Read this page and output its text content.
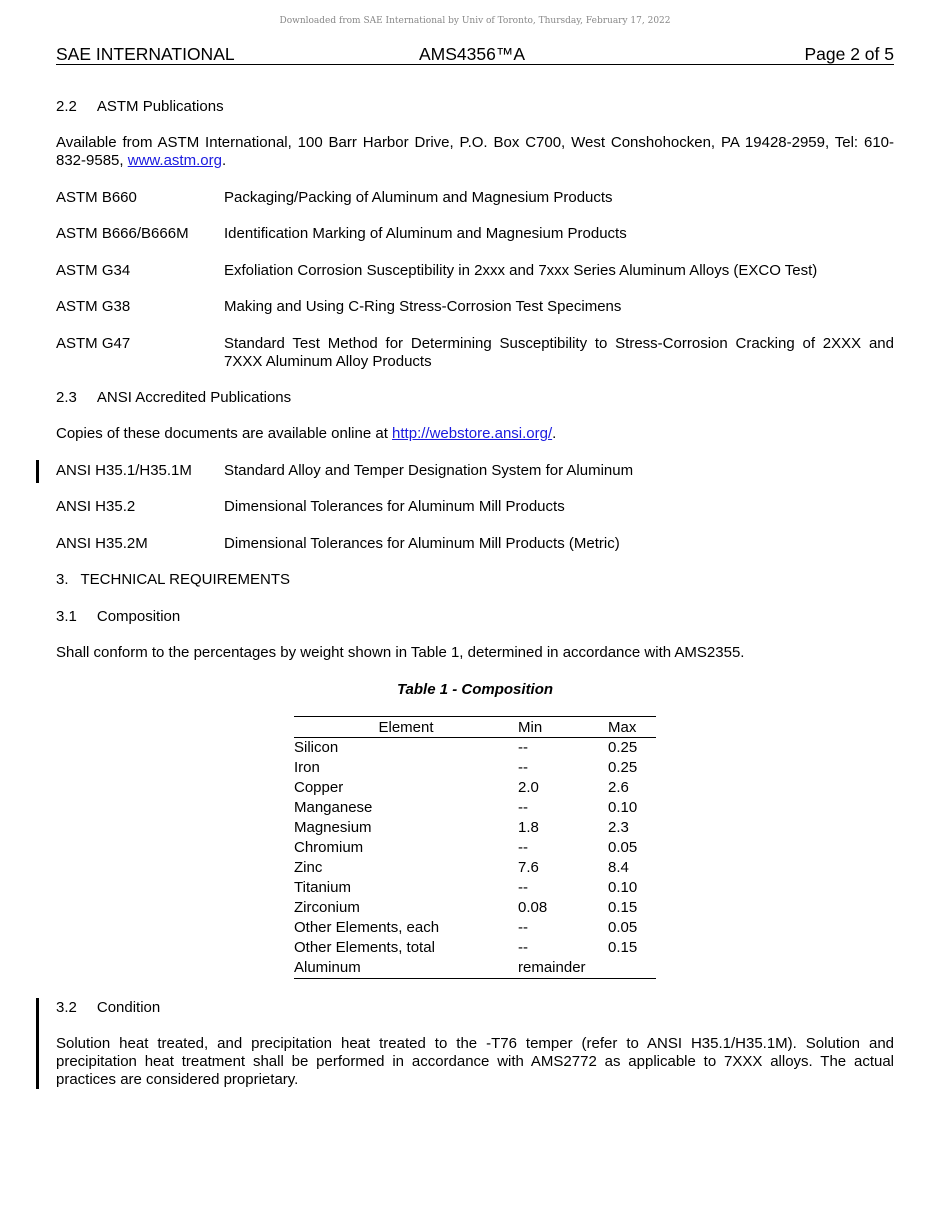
Downloaded from SAE International by Univ of Toronto, Thursday, February 17, 2022
SAE INTERNATIONAL	AMS4356™A	Page 2 of 5
2.2 ASTM Publications
Available from ASTM International, 100 Barr Harbor Drive, P.O. Box C700, West Conshohocken, PA 19428-2959, Tel: 610-832-9585, www.astm.org.
ASTM B660	Packaging/Packing of Aluminum and Magnesium Products
ASTM B666/B666M Identification Marking of Aluminum and Magnesium Products
ASTM G34	Exfoliation Corrosion Susceptibility in 2xxx and 7xxx Series Aluminum Alloys (EXCO Test)
ASTM G38	Making and Using C-Ring Stress-Corrosion Test Specimens
ASTM G47	Standard Test Method for Determining Susceptibility to Stress-Corrosion Cracking of 2XXX and 7XXX Aluminum Alloy Products
2.3 ANSI Accredited Publications
Copies of these documents are available online at http://webstore.ansi.org/.
ANSI H35.1/H35.1M Standard Alloy and Temper Designation System for Aluminum
ANSI H35.2	Dimensional Tolerances for Aluminum Mill Products
ANSI H35.2M	Dimensional Tolerances for Aluminum Mill Products (Metric)
3. TECHNICAL REQUIREMENTS
3.1 Composition
Shall conform to the percentages by weight shown in Table 1, determined in accordance with AMS2355.
Table 1 - Composition
Element	Min	Max
Silicon	--	0.25
Iron	--	0.25
Copper	2.0	2.6
Manganese	--	0.10
Magnesium	1.8	2.3
Chromium	--	0.05
Zinc	7.6	8.4
Titanium	--	0.10
Zirconium	0.08	0.15
Other Elements, each	--	0.05
Other Elements, total	--	0.15
Aluminum	remainder	
3.2 Condition
Solution heat treated, and precipitation heat treated to the -T76 temper (refer to ANSI H35.1/H35.1M). Solution and precipitation heat treatment shall be performed in accordance with AMS2772 as applicable to 7XXX alloys. The actual practices are considered proprietary.
